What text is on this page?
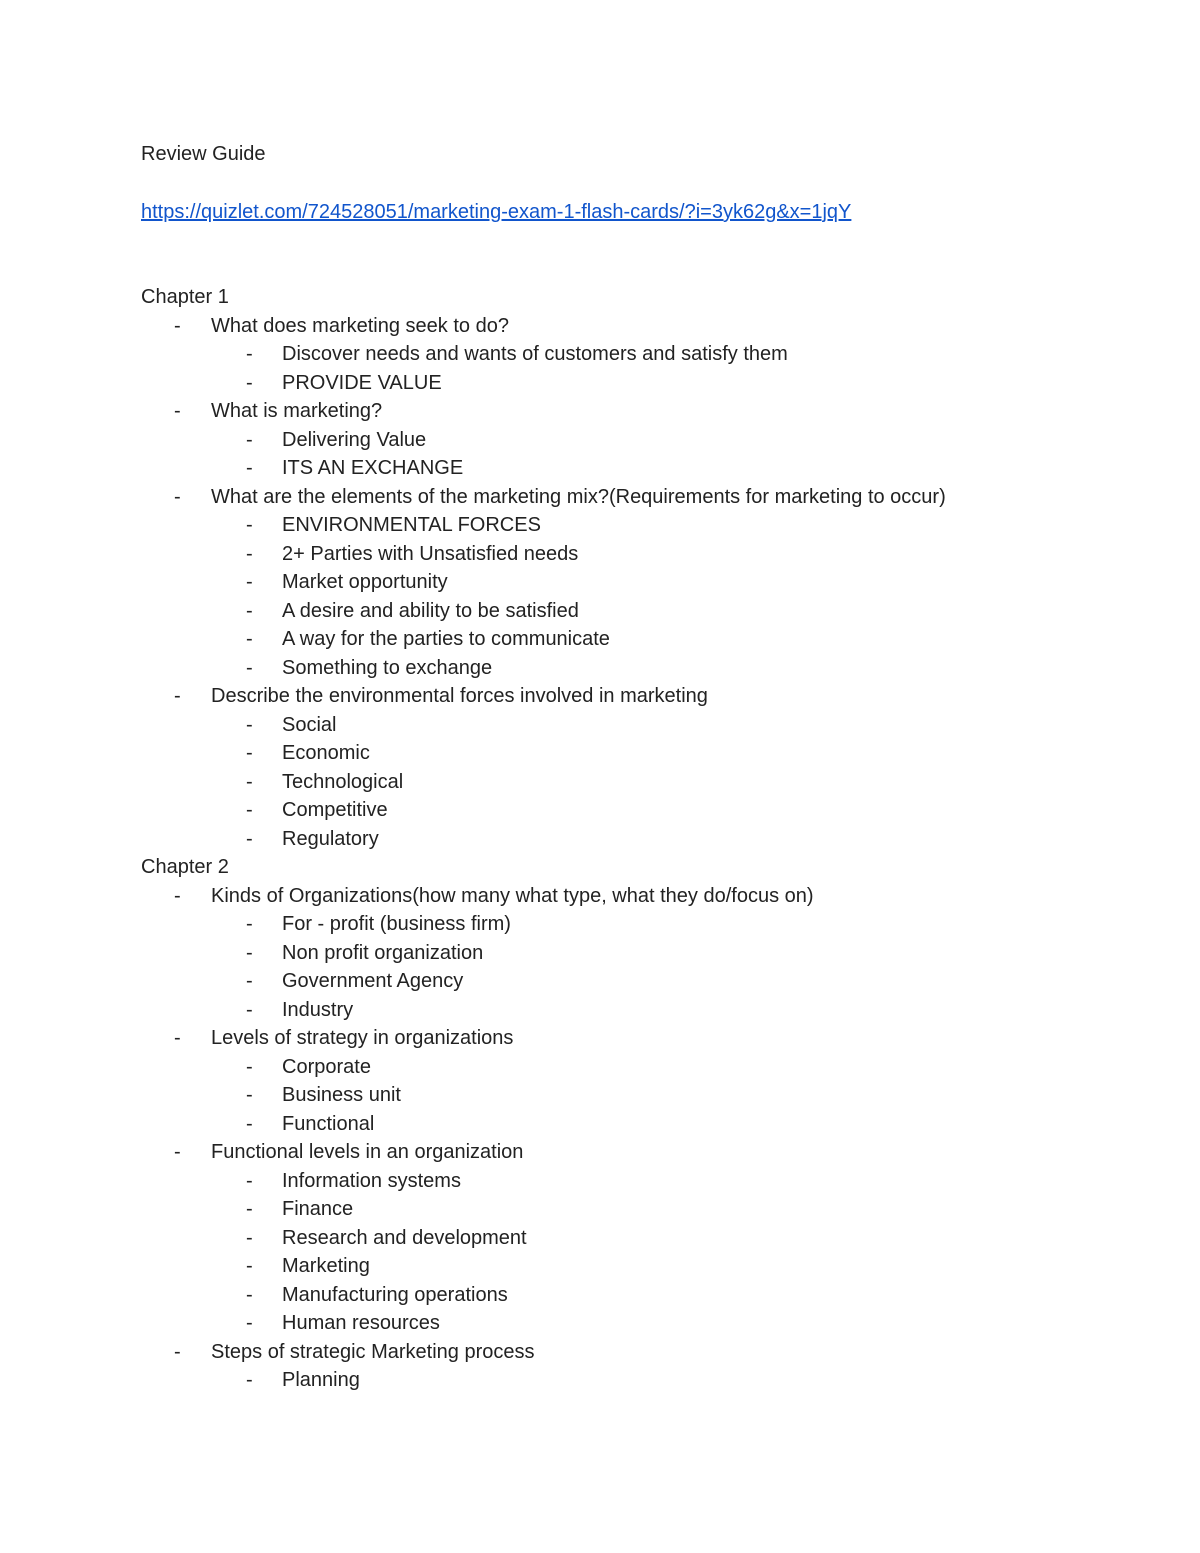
Review Guide
https://quizlet.com/724528051/marketing-exam-1-flash-cards/?i=3yk62g&x=1jqY
Chapter 1
- What does marketing seek to do?
- Discover needs and wants of customers and satisfy them
- PROVIDE VALUE
- What is marketing?
- Delivering Value
- ITS AN EXCHANGE
- What are the elements of the marketing mix?(Requirements for marketing to occur)
- ENVIRONMENTAL FORCES
- 2+ Parties with Unsatisfied needs
- Market opportunity
- A desire and ability to be satisfied
- A way for the parties to communicate
- Something to exchange
- Describe the environmental forces involved in marketing
- Social
- Economic
- Technological
- Competitive
- Regulatory
Chapter 2
- Kinds of Organizations(how many what type, what they do/focus on)
- For - profit (business firm)
- Non profit organization
- Government Agency
- Industry
- Levels of strategy in organizations
- Corporate
- Business unit
- Functional
- Functional levels in an organization
- Information systems
- Finance
- Research and development
- Marketing
- Manufacturing operations
- Human resources
- Steps of strategic Marketing process
- Planning
